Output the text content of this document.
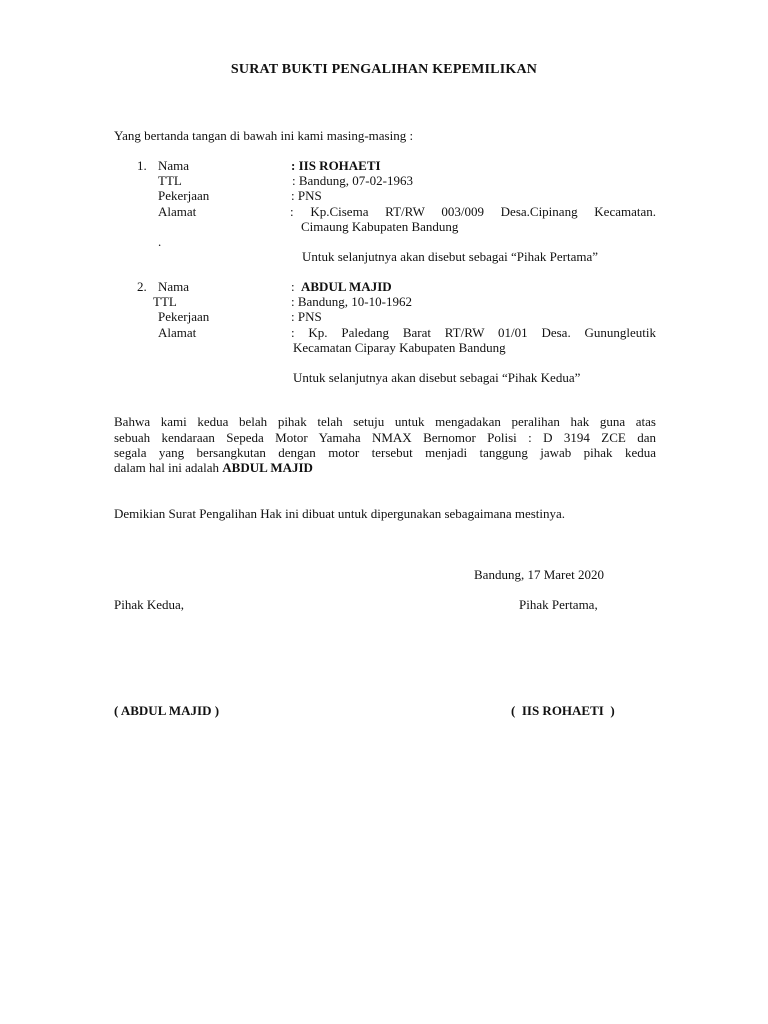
SURAT BUKTI PENGALIHAN KEPEMILIKAN
Yang bertanda tangan di bawah ini kami masing-masing :
1. Nama	: IIS ROHAETI
TTL	: Bandung, 07-02-1963
Pekerjaan	: PNS
Alamat	: Kp.Cisema RT/RW 003/009 Desa.Cipinang Kecamatan.
Cimaung Kabupaten Bandung
.
Untuk selanjutnya akan disebut sebagai “Pihak Pertama”
2. Nama	: ABDUL MAJID
TTL	: Bandung, 10-10-1962
Pekerjaan	: PNS
Alamat	: Kp. Paledang Barat RT/RW 01/01 Desa. Gunungleutik
Kecamatan Ciparay Kabupaten Bandung
Untuk selanjutnya akan disebut sebagai “Pihak Kedua”
Bahwa kami kedua belah pihak telah setuju untuk mengadakan peralihan hak guna atas
sebuah kendaraan Sepeda Motor Yamaha NMAX Bernomor Polisi : D 3194 ZCE dan
segala yang bersangkutan dengan motor tersebut menjadi tanggung jawab pihak kedua
dalam hal ini adalah ABDUL MAJID
Demikian Surat Pengalihan Hak ini dibuat untuk dipergunakan sebagaimana mestinya.
Bandung, 17 Maret 2020
Pihak Kedua,	Pihak Pertama,
( ABDUL MAJID )	(  IIS ROHAETI  )
